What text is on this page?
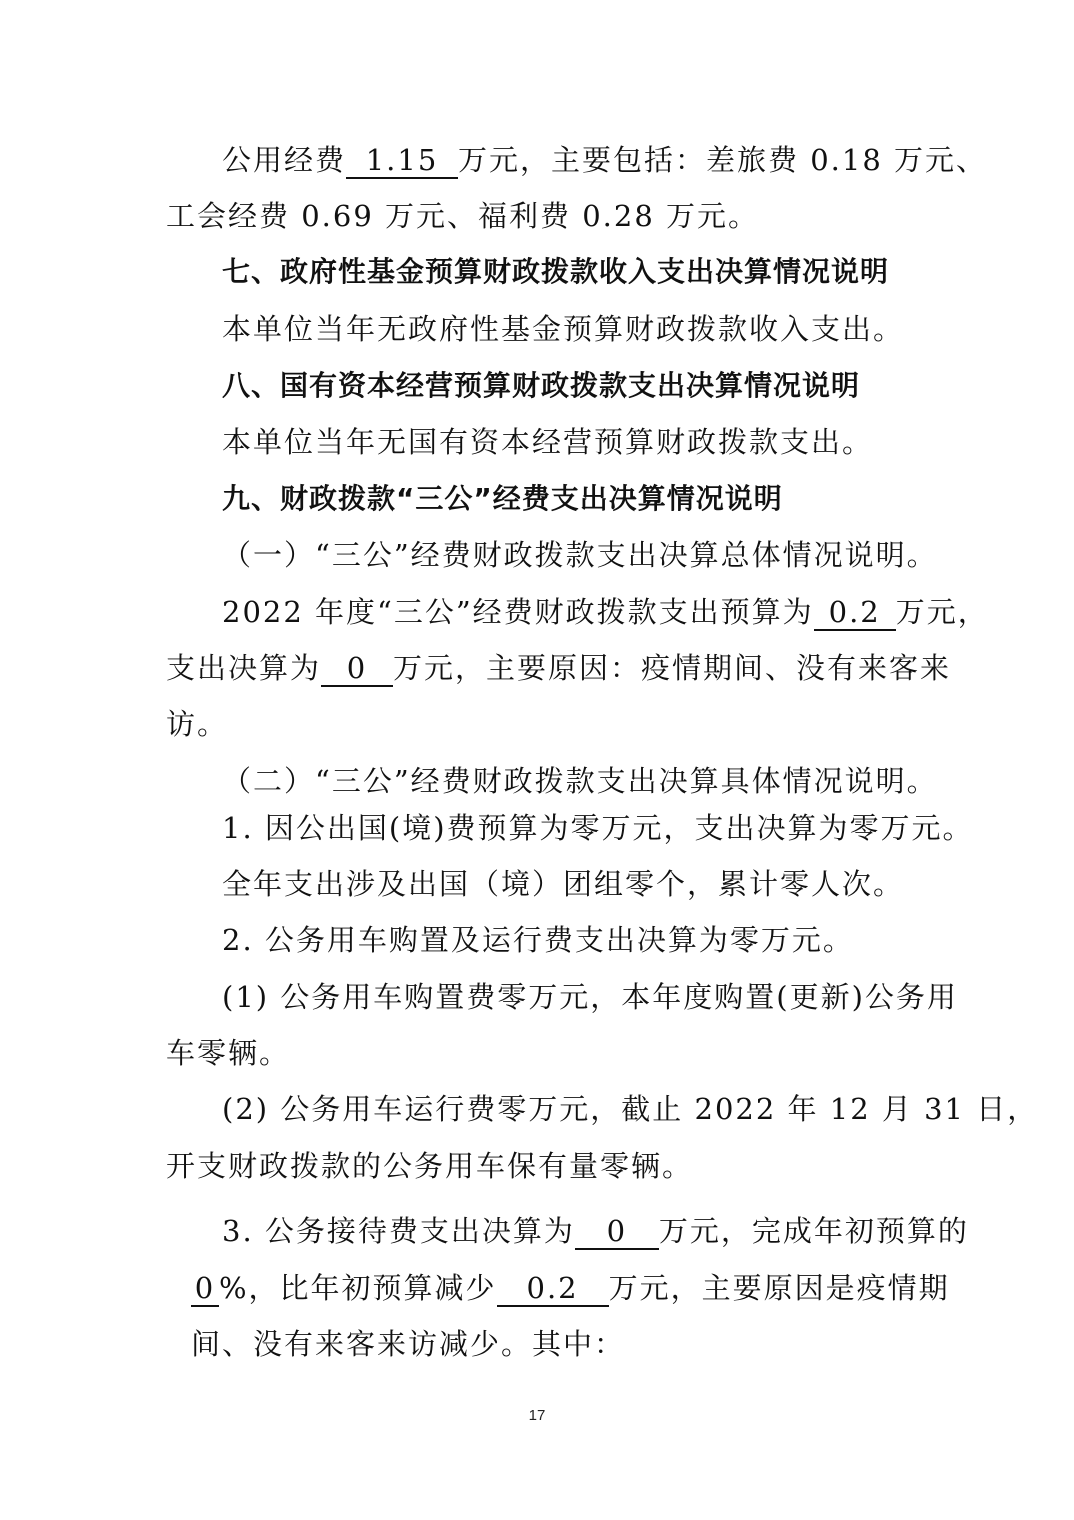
公用经费 1.15 万元，主要包括：差旅费 0.18 万元、
工会经费 0.69 万元、福利费 0.28 万元。
七、政府性基金预算财政拨款收入支出决算情况说明
本单位当年无政府性基金预算财政拨款收入支出。
八、国有资本经营预算财政拨款支出决算情况说明
本单位当年无国有资本经营预算财政拨款支出。
九、财政拨款“三公”经费支出决算情况说明
（一）“三公”经费财政拨款支出决算总体情况说明。
2022 年度“三公”经费财政拨款支出预算为 0.2 万元，
支出决算为 0 万元，主要原因：疫情期间、没有来客来
访。
（二）“三公”经费财政拨款支出决算具体情况说明。
1. 因公出国(境)费预算为零万元，支出决算为零万元。
全年支出涉及出国（境）团组零个，累计零人次。
2. 公务用车购置及运行费支出决算为零万元。
(1) 公务用车购置费零万元，本年度购置(更新)公务用
车零辆。
(2) 公务用车运行费零万元，截止 2022 年 12 月 31 日，
开支财政拨款的公务用车保有量零辆。
3. 公务接待费支出决算为 0 万元，完成年初预算的
0 %，比年初预算减少 0.2 万元，主要原因是疫情期
间、没有来客来访减少。其中：
17
